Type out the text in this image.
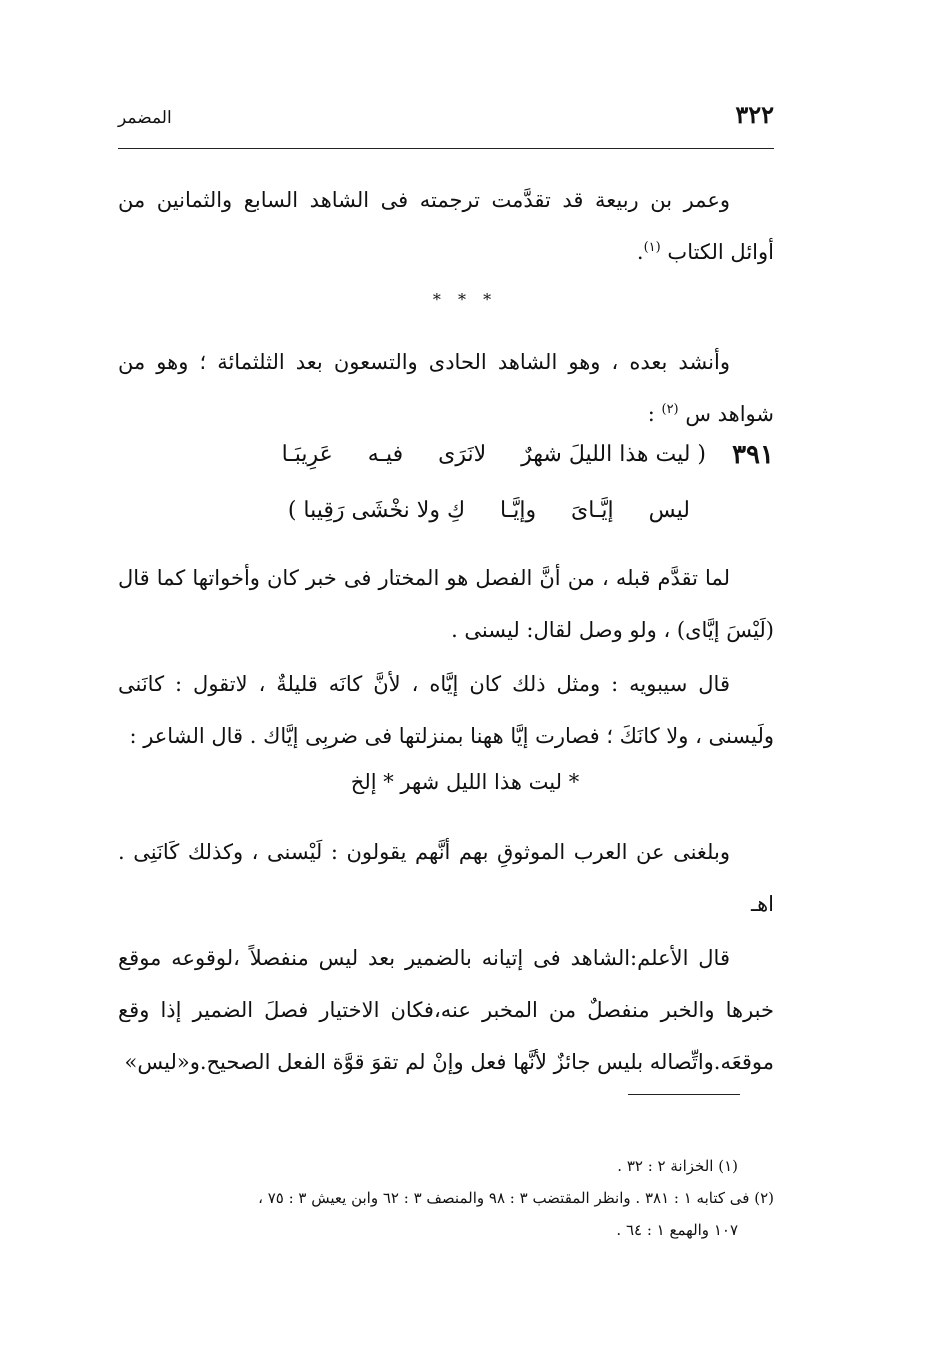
٣٢٢
المضمر
وعمر بن ربيعة قد تقدَّمت ترجمته فى الشاهد السابع والثمانين من أوائل الكتاب $^{(١)}$.
* * *
وأنشد بعده ، وهو الشاهد الحادى والتسعون بعد الثلثمائة ؛ وهو من شواهد س $^{(٢)}$ :
٣٩١
( ليت هذا الليلَ شهرٌ     لانَرَى     فيـه     عَرِيبَـا
ليس     إيَّـاىَ     وإيَّـا     كِ ولا نخْشَى رَقِيبا )
لما تقدَّم قبله ، من أنَّ الفصل هو المختار فى خبر كان وأخواتها كما قال (لَيْسَ إيَّاى) ، ولو وصل لقال: ليسنى .
قال سيبويه : ومثل ذلك كان إيَّاه ، لأنَّ كانَه قليلةٌ ، لاتقول : كانَنى ولَيسنى ، ولا كانَكَ ؛ فصارت إيَّا ههنا بمنزلتها فى ضربِى إيَّاك . قال الشاعر :
* ليت هذا الليل شهر * إلخ
وبلغنى عن العرب الموثوقِ بهم أنَّهم يقولون : لَيْسنى ، وكذلك كَانَنِى . اهـ
قال الأعلم:الشاهد فى إتيانه بالضمير بعد ليس منفصلاً ،لوقوعه موقع خبرها والخبر منفصلٌ من المخبر عنه،فكان الاختيار فصلَ الضمير إذا وقع موقعَه.واتِّصاله بليس جائزٌ لأنَّها فعل وإنْ لم تقوَ قوَّة الفعل الصحيح.و«ليس»
(١) الخزانة ٢ : ٣٢ .
(٢) فى كتابه ١ : ٣٨١ . وانظر المقتضب ٣ : ٩٨ والمنصف ٣ : ٦٢ وابن يعيش ٣ : ٧٥ ،
١٠٧ والهمع ١ : ٦٤ .
